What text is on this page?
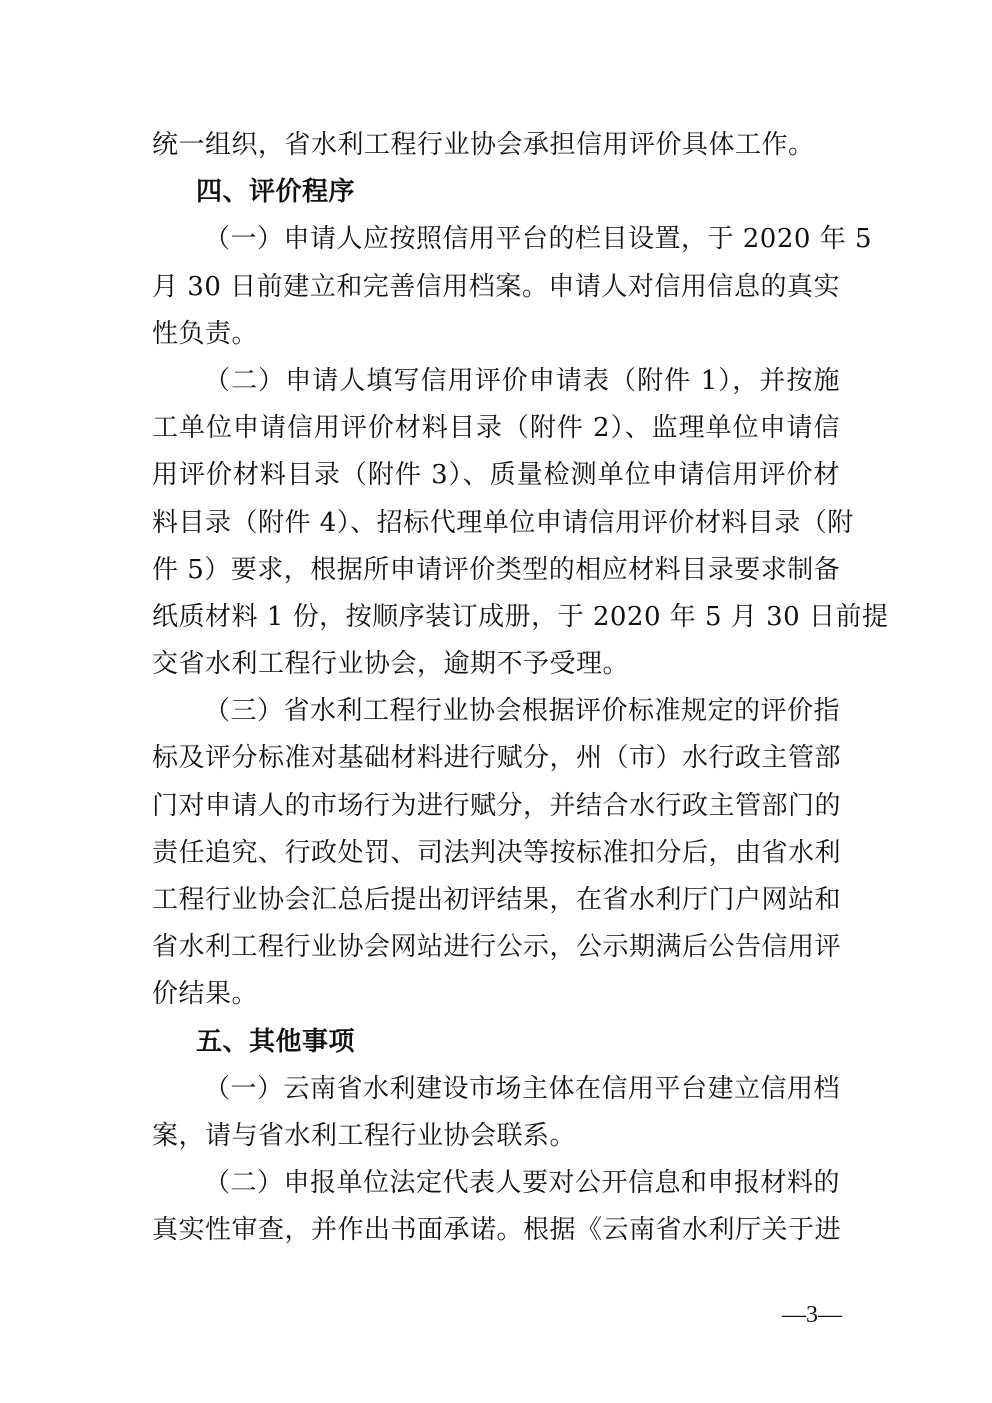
统一组织，省水利工程行业协会承担信用评价具体工作。
四、评价程序
（一）申请人应按照信用平台的栏目设置，于 2020 年 5
月 30 日前建立和完善信用档案。申请人对信用信息的真实
性负责。
（二）申请人填写信用评价申请表（附件 1），并按施
工单位申请信用评价材料目录（附件 2）、监理单位申请信
用评价材料目录（附件 3）、质量检测单位申请信用评价材
料目录（附件 4）、招标代理单位申请信用评价材料目录（附
件 5）要求，根据所申请评价类型的相应材料目录要求制备
纸质材料 1 份，按顺序装订成册，于 2020 年 5 月 30 日前提
交省水利工程行业协会，逾期不予受理。
（三）省水利工程行业协会根据评价标准规定的评价指
标及评分标准对基础材料进行赋分，州（市）水行政主管部
门对申请人的市场行为进行赋分，并结合水行政主管部门的
责任追究、行政处罚、司法判决等按标准扣分后，由省水利
工程行业协会汇总后提出初评结果，在省水利厅门户网站和
省水利工程行业协会网站进行公示，公示期满后公告信用评
价结果。
五、其他事项
（一）云南省水利建设市场主体在信用平台建立信用档
案，请与省水利工程行业协会联系。
（二）申报单位法定代表人要对公开信息和申报材料的
真实性审查，并作出书面承诺。根据《云南省水利厅关于进
—3—
